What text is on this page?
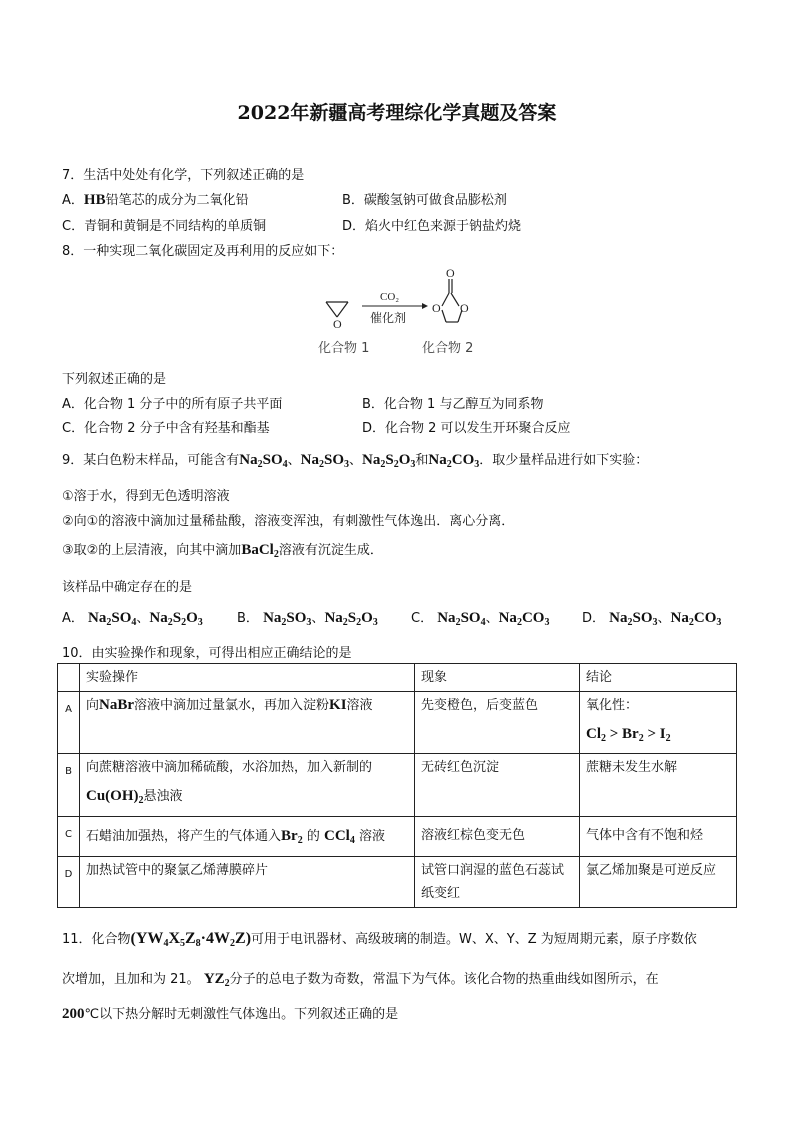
2022年新疆高考理综化学真题及答案
7．生活中处处有化学，下列叙述正确的是
A．HB铅笔芯的成分为二氧化铅	B．碳酸氢钠可做食品膨松剂
C．青铜和黄铜是不同结构的单质铜	D．焰火中红色来源于钠盐灼烧
8．一种实现二氧化碳固定及再利用的反应如下：
O
CO₂
催化剂
O
O O
化合物 1	化合物 2
下列叙述正确的是
A．化合物 1 分子中的所有原子共平面	B．化合物 1 与乙醇互为同系物
C．化合物 2 分子中含有羟基和酯基	D．化合物 2 可以发生开环聚合反应
9．某白色粉末样品，可能含有$Na_2SO_4$、$Na_2SO_3$、$Na_2S_2O_3$和$Na_2CO_3$．取少量样品进行如下实验：
①溶于水，得到无色透明溶液
②向①的溶液中滴加过量稀盐酸，溶液变浑浊，有刺激性气体逸出．离心分离．
③取②的上层清液，向其中滴加BaCl$_2$溶液有沉淀生成．
该样品中确定存在的是
A． $Na_2SO_4$、$Na_2S_2O_3$	B． $Na_2SO_3$、$Na_2S_2O_3$	C． $Na_2SO_4$、$Na_2CO_3$	D． $Na_2SO_3$、$Na_2CO_3$
10．由实验操作和现象，可得出相应正确结论的是
	实验操作	现象	结论
A	向NaBr溶液中滴加过量氯水，再加入淀粉KI溶液	先变橙色，后变蓝色	氧化性：
$Cl_2 > Br_2 > I_2$

B	向蔗糖溶液中滴加稀硫酸，水浴加热，加入新制的
$Cu(OH)_2$悬浊液	无砖红色沉淀	蔗糖未发生水解
C	石蜡油加强热，将产生的气体通入$Br_2$ 的 CCl$_4$ 溶液	溶液红棕色变无色	气体中含有不饱和烃
D	加热试管中的聚氯乙烯薄膜碎片	试管口润湿的蓝色石蕊试纸变红	氯乙烯加聚是可逆反应
11．化合物$(YW_4X_5Z_8\cdot 4W_2Z)$可用于电讯器材、高级玻璃的制造。W、X、Y、Z 为短周期元素，原子序数依
次增加，且加和为 21。 $YZ_2$分子的总电子数为奇数，常温下为气体。该化合物的热重曲线如图所示，在
200℃以下热分解时无刺激性气体逸出。下列叙述正确的是
